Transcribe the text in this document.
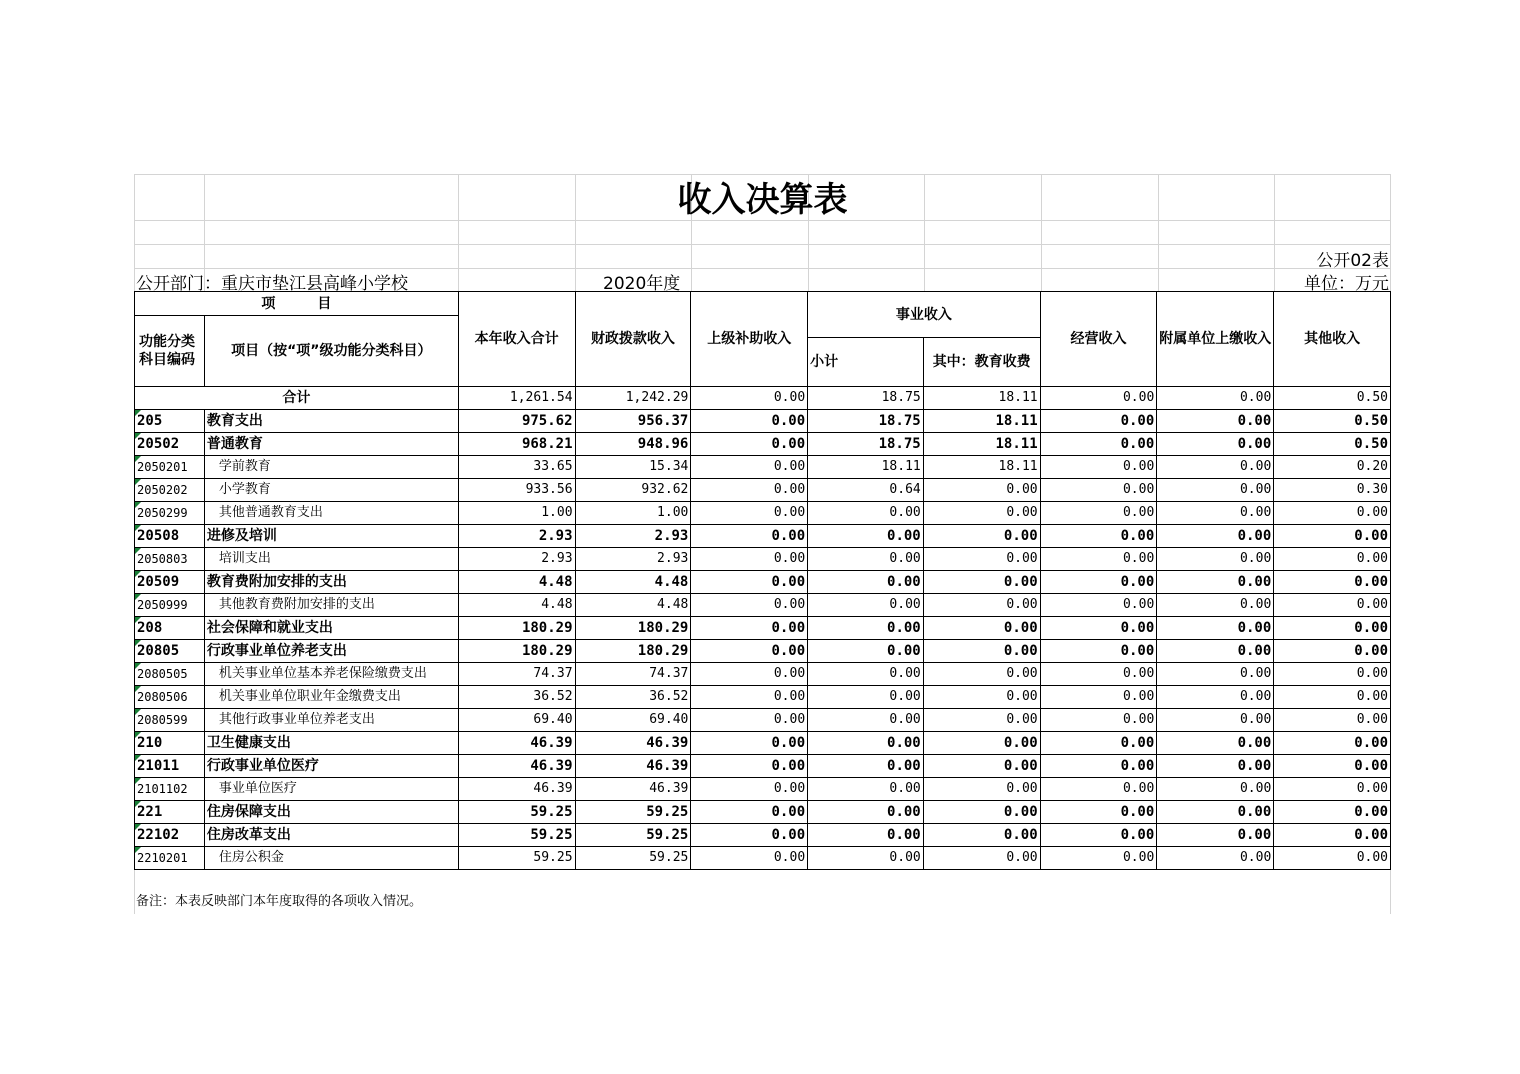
收入决算表
公开02表
公开部门：重庆市垫江县高峰小学校	2020年度	单位：万元
项　　　目		本年收入合计	财政拨款收入	上级补助收入	事业收入		经营收入	附属单位上缴收入	其他收入
功能分类科目编码	项目（按“项”级功能分类科目）								
					小计	其中：教育收费			
合计		1,261.54	1,242.29	0.00	18.75	18.11	0.00	0.00	0.50

205	教育支出	975.62	956.37	0.00	18.75	18.11	0.00	0.00	0.50

20502	普通教育	968.21	948.96	0.00	18.75	18.11	0.00	0.00	0.50

2050201	学前教育	33.65	15.34	0.00	18.11	18.11	0.00	0.00	0.20

2050202	小学教育	933.56	932.62	0.00	0.64	0.00	0.00	0.00	0.30

2050299	其他普通教育支出	1.00	1.00	0.00	0.00	0.00	0.00	0.00	0.00

20508	进修及培训	2.93	2.93	0.00	0.00	0.00	0.00	0.00	0.00

2050803	培训支出	2.93	2.93	0.00	0.00	0.00	0.00	0.00	0.00

20509	教育费附加安排的支出	4.48	4.48	0.00	0.00	0.00	0.00	0.00	0.00

2050999	其他教育费附加安排的支出	4.48	4.48	0.00	0.00	0.00	0.00	0.00	0.00

208	社会保障和就业支出	180.29	180.29	0.00	0.00	0.00	0.00	0.00	0.00

20805	行政事业单位养老支出	180.29	180.29	0.00	0.00	0.00	0.00	0.00	0.00

2080505	机关事业单位基本养老保险缴费支出	74.37	74.37	0.00	0.00	0.00	0.00	0.00	0.00

2080506	机关事业单位职业年金缴费支出	36.52	36.52	0.00	0.00	0.00	0.00	0.00	0.00

2080599	其他行政事业单位养老支出	69.40	69.40	0.00	0.00	0.00	0.00	0.00	0.00

210	卫生健康支出	46.39	46.39	0.00	0.00	0.00	0.00	0.00	0.00

21011	行政事业单位医疗	46.39	46.39	0.00	0.00	0.00	0.00	0.00	0.00

2101102	事业单位医疗	46.39	46.39	0.00	0.00	0.00	0.00	0.00	0.00

221	住房保障支出	59.25	59.25	0.00	0.00	0.00	0.00	0.00	0.00

22102	住房改革支出	59.25	59.25	0.00	0.00	0.00	0.00	0.00	0.00

2210201	住房公积金	59.25	59.25	0.00	0.00	0.00	0.00	0.00	0.00
备注：本表反映部门本年度取得的各项收入情况。
